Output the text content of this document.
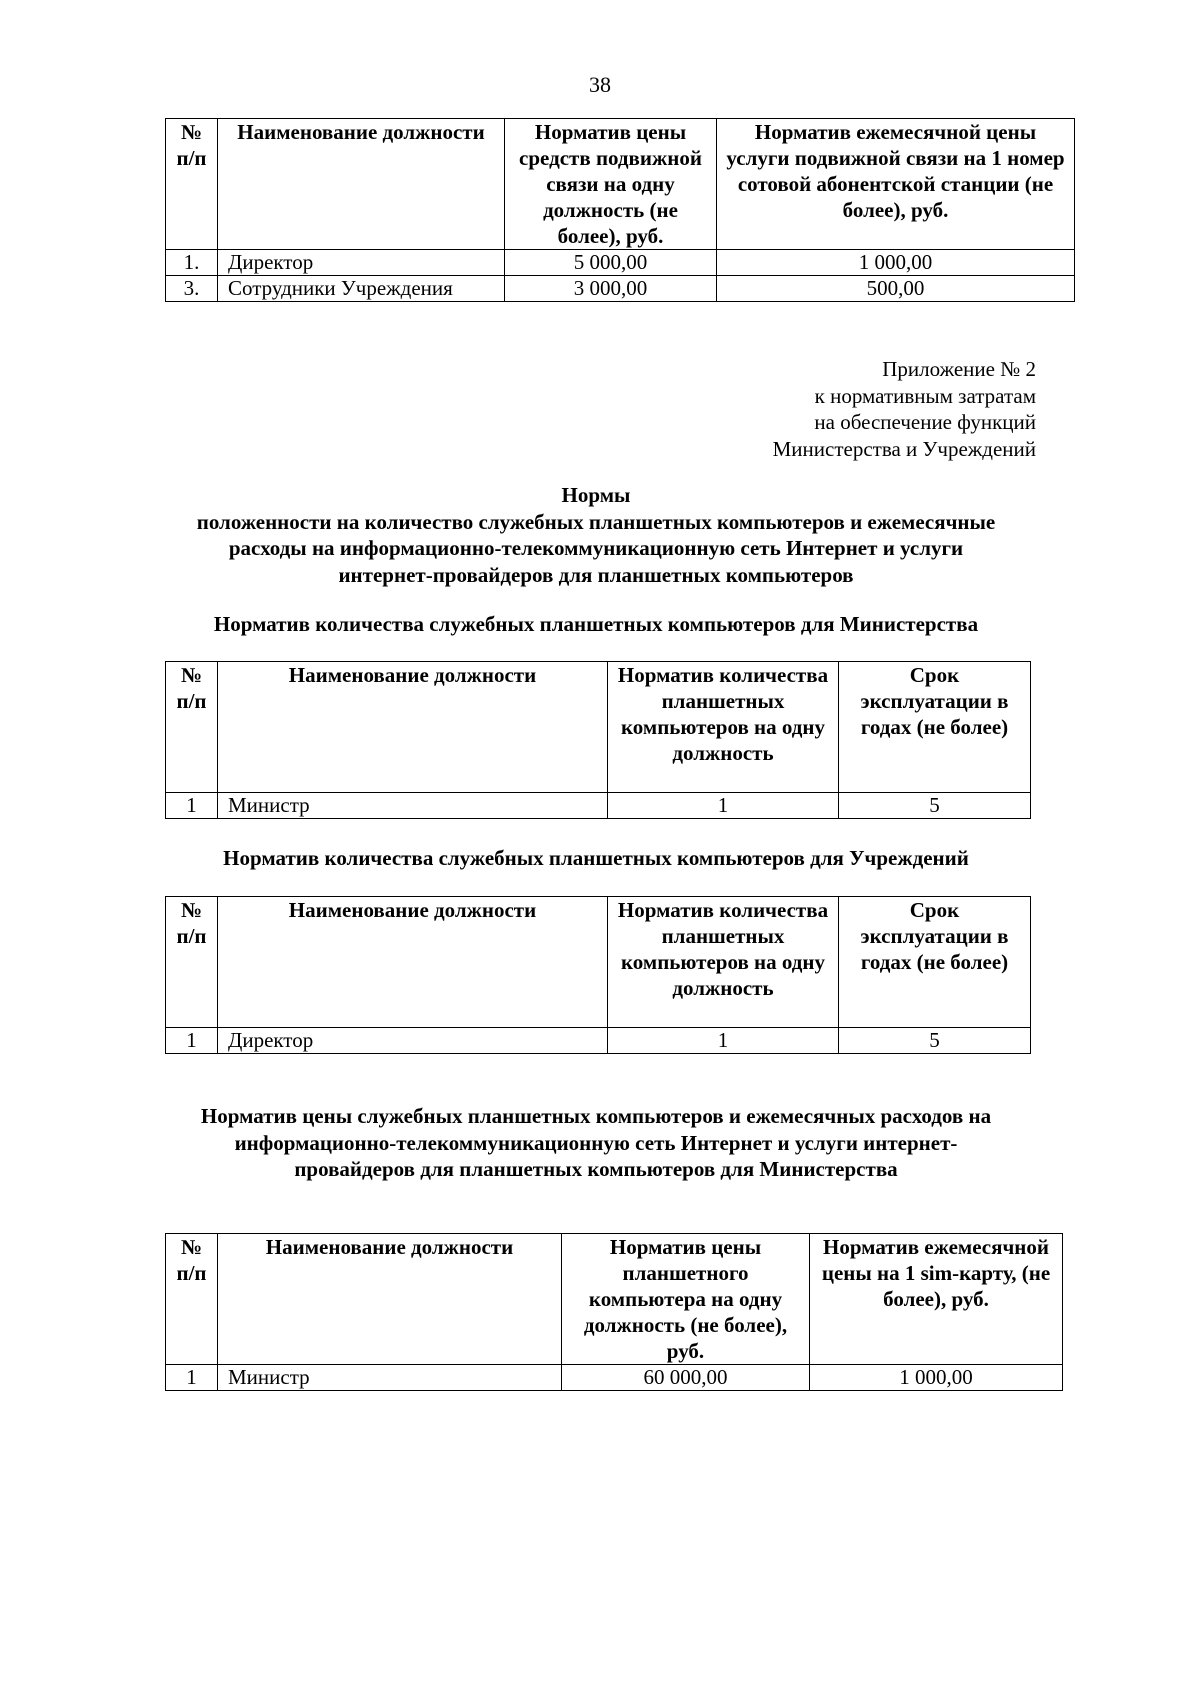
38
№ п/п	Наименование должности	Норматив цены средств подвижной связи на одну должность (не более), руб.	Норматив ежемесячной цены услуги подвижной связи на 1 номер сотовой абонентской станции (не более), руб.
1.	Директор	5 000,00	1 000,00
3.	Сотрудники Учреждения	3 000,00	500,00
Приложение № 2
к нормативным затратам
на обеспечение функций
Министерства и Учреждений
Нормы
положенности на количество служебных планшетных компьютеров и ежемесячные
расходы на информационно-телекоммуникационную сеть Интернет и услуги
интернет-провайдеров для планшетных компьютеров
Норматив количества служебных планшетных компьютеров для Министерства
№ п/п	Наименование должности	Норматив количества планшетных компьютеров на одну должность	Срок эксплуатации в годах (не более)
1	Министр	1	5
Норматив количества служебных планшетных компьютеров для Учреждений
№ п/п	Наименование должности	Норматив количества планшетных компьютеров на одну должность	Срок эксплуатации в годах (не более)
1	Директор	1	5
Норматив цены служебных планшетных компьютеров и ежемесячных расходов на
информационно-телекоммуникационную сеть Интернет и услуги интернет-
провайдеров для планшетных компьютеров для Министерства
№ п/п	Наименование должности	Норматив цены планшетного компьютера на одну должность (не более), руб.	Норматив ежемесячной цены на 1 sim-карту, (не более), руб.
1	Министр	60 000,00	1 000,00
